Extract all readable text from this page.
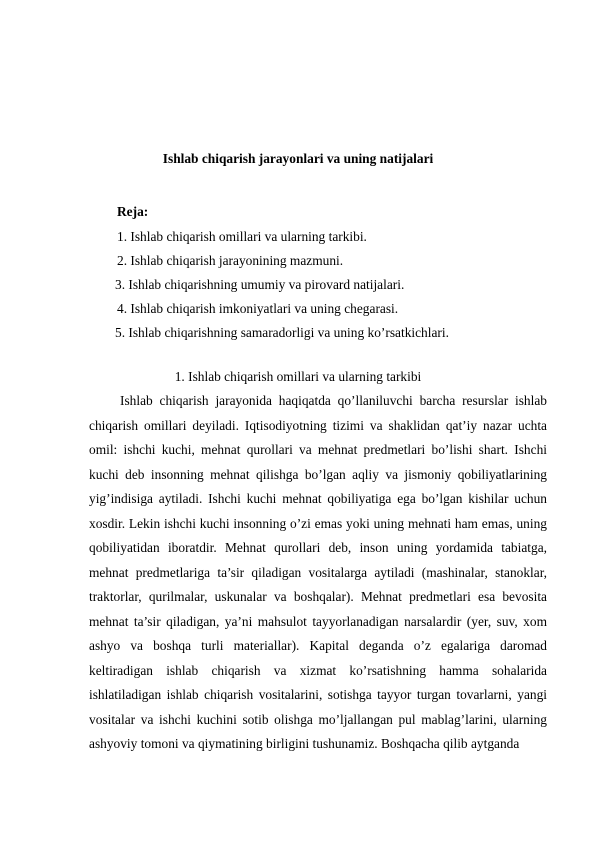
Ishlab chiqarish jarayonlari va uning natijalari
Reja:
1. Ishlab chiqarish omillari va ularning tarkibi.
2. Ishlab chiqarish jarayonining mazmuni.
3. Ishlab chiqarishning umumiy va pirovard natijalari.
4. Ishlab chiqarish imkoniyatlari va uning chegarasi.
5. Ishlab chiqarishning samaradorligi va uning ko’rsatkichlari.
1. Ishlab chiqarish omillari va ularning tarkibi

Ishlab chiqarish jarayonida haqiqatda qo’llaniluvchi barcha resurslar ishlab chiqarish omillari deyiladi. Iqtisodiyotning tizimi va shaklidan qat’iy nazar uchta omil: ishchi kuchi, mehnat qurollari va mehnat predmetlari bo’lishi shart. Ishchi kuchi deb insonning mehnat qilishga bo’lgan aqliy va jismoniy qobiliyatlarining yig’indisiga aytiladi. Ishchi kuchi mehnat qobiliyatiga ega bo’lgan kishilar uchun xosdir. Lekin ishchi kuchi insonning o’zi emas yoki uning mehnati ham emas, uning qobiliyatidan iboratdir. Mehnat qurollari deb, inson uning yordamida tabiatga, mehnat predmetlariga ta’sir qiladigan vositalarga aytiladi (mashinalar, stanoklar, traktorlar, qurilmalar, uskunalar va boshqalar). Mehnat predmetlari esa bevosita mehnat ta’sir qiladigan, ya’ni mahsulot tayyorlanadigan narsalardir (yer, suv, xom ashyo va boshqa turli materiallar). Kapital deganda o’z egalariga daromad keltiradigan ishlab chiqarish va xizmat ko’rsatishning hamma sohalarida ishlatiladigan ishlab chiqarish vositalarini, sotishga tayyor turgan tovarlarni, yangi vositalar va ishchi kuchini sotib olishga mo’ljallangan pul mablag’larini, ularning ashyoviy tomoni va qiymatining birligini tushunamiz. Boshqacha qilib aytganda
